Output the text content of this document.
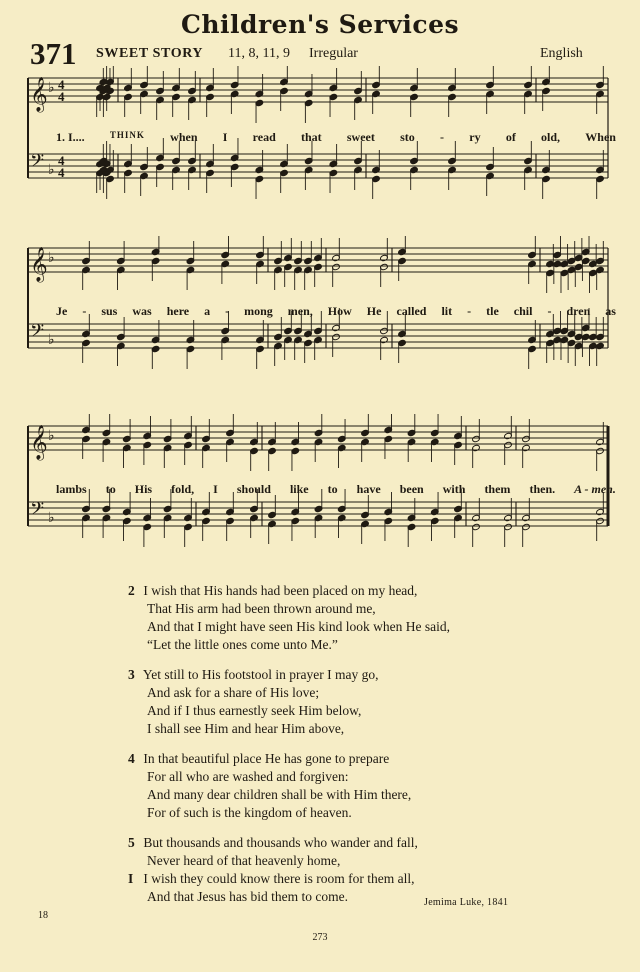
Children's Services
371 SWEET STORY 11, 8, 11, 9 Irregular	English
𝄞 ♭ 4
4
𝄢 ♭
4
4
1. I....	THINK when I read that sweet sto - ry of old, When
𝄞 ♭
𝄢 ♭
Je - sus was here a - mong men, How He called lit - tle chil - dren as
𝄞 ♭
𝄢 ♭
lambs to His fold, I should like to have been with them then. A - men.
2 I wish that His hands had been placed on my head,
That His arm had been thrown around me,
And that I might have seen His kind look when He said,
“Let the little ones come unto Me.”
3 Yet still to His footstool in prayer I may go,
And ask for a share of His love;
And if I thus earnestly seek Him below,
I shall see Him and hear Him above,
4 In that beautiful place He has gone to prepare
For all who are washed and forgiven:
And many dear children shall be with Him there,
For of such is the kingdom of heaven.
5 But thousands and thousands who wander and fall,
Never heard of that heavenly home,
I I wish they could know there is room for them all,
And that Jesus has bid them to come.	Jemima Luke, 1841
273
18
